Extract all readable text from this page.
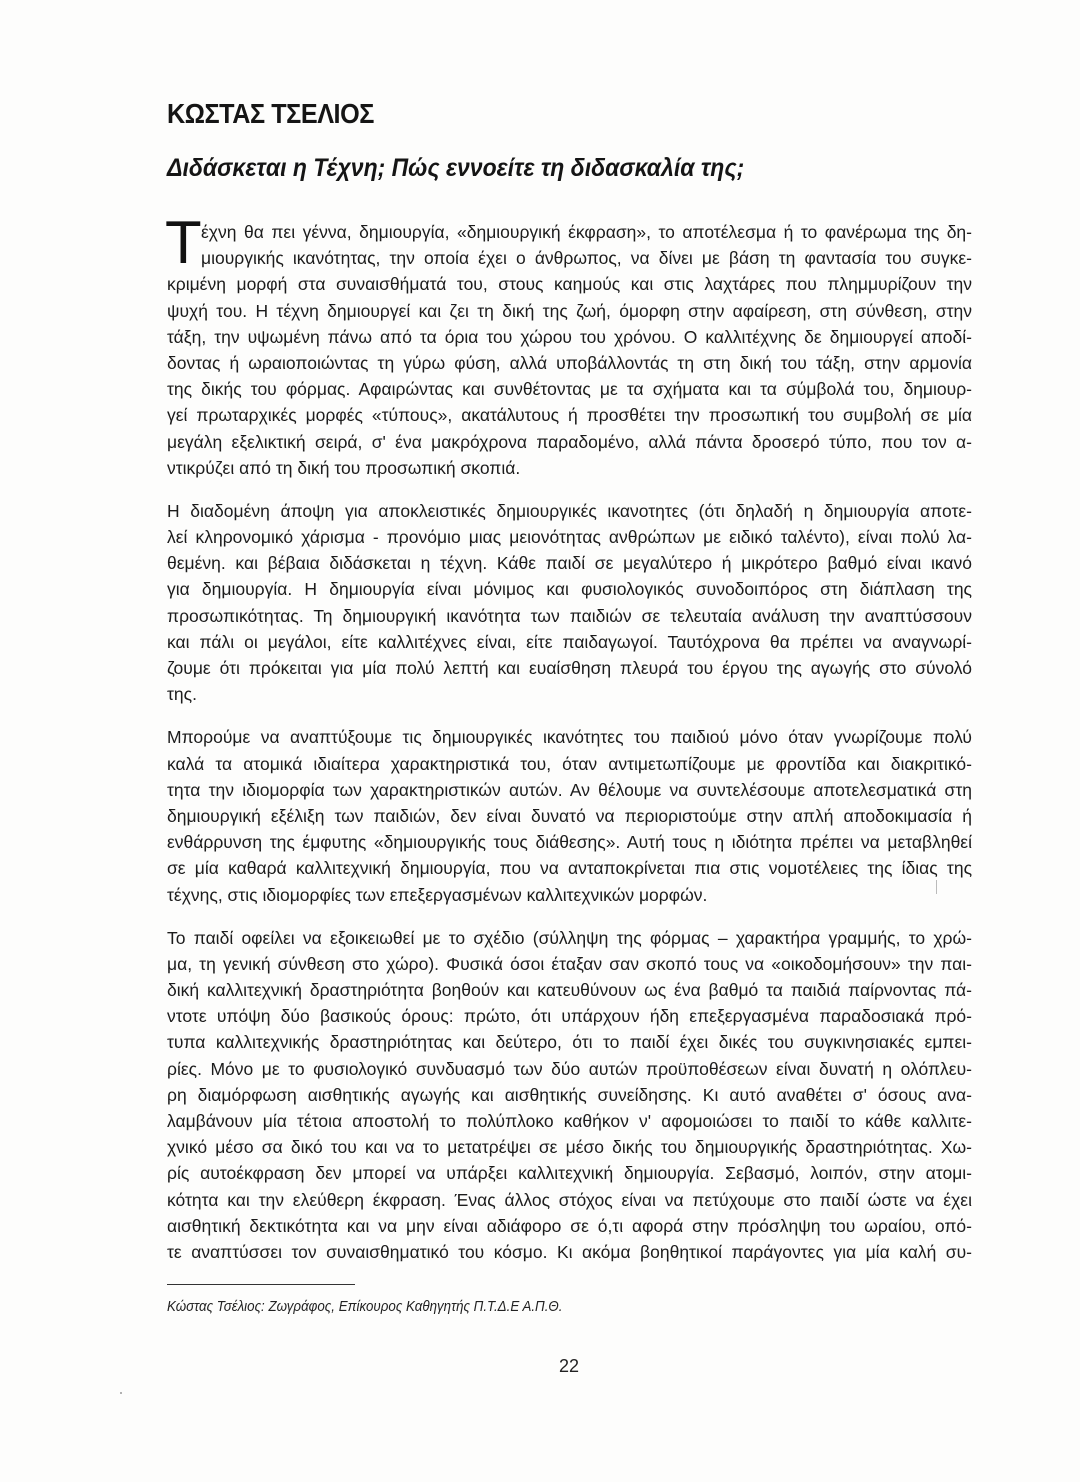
ΚΩΣΤΑΣ ΤΣΕΛΙΟΣ
Διδάσκεται η Τέχνη; Πώς εννοείτε τη διδασκαλία της;
Τ έχνη θα πει γέννα, δημιουργία, «δημιουργική έκφραση», το αποτέλεσμα ή το φανέρωμα της δη-
μιουργικής ικανότητας, την οποία έχει ο άνθρωπος, να δίνει με βάση τη φαντασία του συγκε-
κριμένη μορφή στα συναισθήματά του, στους καημούς και στις λαχτάρες που πλημμυρίζουν την
ψυχή του. Η τέχνη δημιουργεί και ζει τη δική της ζωή, όμορφη στην αφαίρεση, στη σύνθεση, στην
τάξη, την υψωμένη πάνω από τα όρια του χώρου του χρόνου. Ο καλλιτέχνης δε δημιουργεί αποδί-
δοντας ή ωραιοποιώντας τη γύρω φύση, αλλά υποβάλλοντάς τη στη δική του τάξη, στην αρμονία
της δικής του φόρμας. Αφαιρώντας και συνθέτοντας με τα σχήματα και τα σύμβολά του, δημιουρ-
γεί πρωταρχικές μορφές «τύπους», ακατάλυτους ή προσθέτει την προσωπική του συμβολή σε μία
μεγάλη εξελικτική σειρά, σ' ένα μακρόχρονα παραδομένο, αλλά πάντα δροσερό τύπο, που τον α-
ντικρύζει από τη δική του προσωπική σκοπιά.
Η διαδομένη άποψη για αποκλειστικές δημιουργικές ικανοτητες (ότι δηλαδή η δημιουργία αποτε-
λεί κληρονομικό χάρισμα - προνόμιο μιας μειονότητας ανθρώπων με ειδικό ταλέντο), είναι πολύ λα-
θεμένη. και βέβαια διδάσκεται η τέχνη. Κάθε παιδί σε μεγαλύτερο ή μικρότερο βαθμό είναι ικανό
για δημιουργία. Η δημιουργία είναι μόνιμος και φυσιολογικός συνοδοιπόρος στη διάπλαση της
προσωπικότητας. Τη δημιουργική ικανότητα των παιδιών σε τελευταία ανάλυση την αναπτύσσουν
και πάλι οι μεγάλοι, είτε καλλιτέχνες είναι, είτε παιδαγωγοί. Ταυτόχρονα θα πρέπει να αναγνωρί-
ζουμε ότι πρόκειται για μία πολύ λεπτή και ευαίσθηση πλευρά του έργου της αγωγής στο σύνολό
της.
Μπορούμε να αναπτύξουμε τις δημιουργικές ικανότητες του παιδιού μόνο όταν γνωρίζουμε πολύ
καλά τα ατομικά ιδιαίτερα χαρακτηριστικά του, όταν αντιμετωπίζουμε με φροντίδα και διακριτικό-
τητα την ιδιομορφία των χαρακτηριστικών αυτών. Αν θέλουμε να συντελέσουμε αποτελεσματικά στη
δημιουργική εξέλιξη των παιδιών, δεν είναι δυνατό να περιοριστούμε στην απλή αποδοκιμασία ή
ενθάρρυνση της έμφυτης «δημιουργικής τους διάθεσης». Αυτή τους η ιδιότητα πρέπει να μεταβληθεί
σε μία καθαρά καλλιτεχνική δημιουργία, που να ανταποκρίνεται πια στις νομοτέλειες της ίδιας της
τέχνης, στις ιδιομορφίες των επεξεργασμένων καλλιτεχνικών μορφών.
Το παιδί οφείλει να εξοικειωθεί με το σχέδιο (σύλληψη της φόρμας – χαρακτήρα γραμμής, το χρώ-
μα, τη γενική σύνθεση στο χώρο). Φυσικά όσοι έταξαν σαν σκοπό τους να «οικοδομήσουν» την παι-
δική καλλιτεχνική δραστηριότητα βοηθούν και κατευθύνουν ως ένα βαθμό τα παιδιά παίρνοντας πά-
ντοτε υπόψη δύο βασικούς όρους: πρώτο, ότι υπάρχουν ήδη επεξεργασμένα παραδοσιακά πρό-
τυπα καλλιτεχνικής δραστηριότητας και δεύτερο, ότι το παιδί έχει δικές του συγκινησιακές εμπει-
ρίες. Μόνο με το φυσιολογικό συνδυασμό των δύο αυτών προϋποθέσεων είναι δυνατή η ολόπλευ-
ρη διαμόρφωση αισθητικής αγωγής και αισθητικής συνείδησης. Κι αυτό αναθέτει σ' όσους ανα-
λαμβάνουν μία τέτοια αποστολή το πολύπλοκο καθήκον ν' αφομοιώσει το παιδί το κάθε καλλιτε-
χνικό μέσο σα δικό του και να το μετατρέψει σε μέσο δικής του δημιουργικής δραστηριότητας. Χω-
ρίς αυτοέκφραση δεν μπορεί να υπάρξει καλλιτεχνική δημιουργία. Σεβασμό, λοιπόν, στην ατομι-
κότητα και την ελεύθερη έκφραση. Ένας άλλος στόχος είναι να πετύχουμε στο παιδί ώστε να έχει
αισθητική δεκτικότητα και να μην είναι αδιάφορο σε ό,τι αφορά στην πρόσληψη του ωραίου, οπό-
τε αναπτύσσει τον συναισθηματικό του κόσμο. Κι ακόμα βοηθητικοί παράγοντες για μία καλή συ-
Κώστας Τσέλιος: Ζωγράφος, Επίκουρος Καθηγητής Π.Τ.Δ.Ε Α.Π.Θ.
22
